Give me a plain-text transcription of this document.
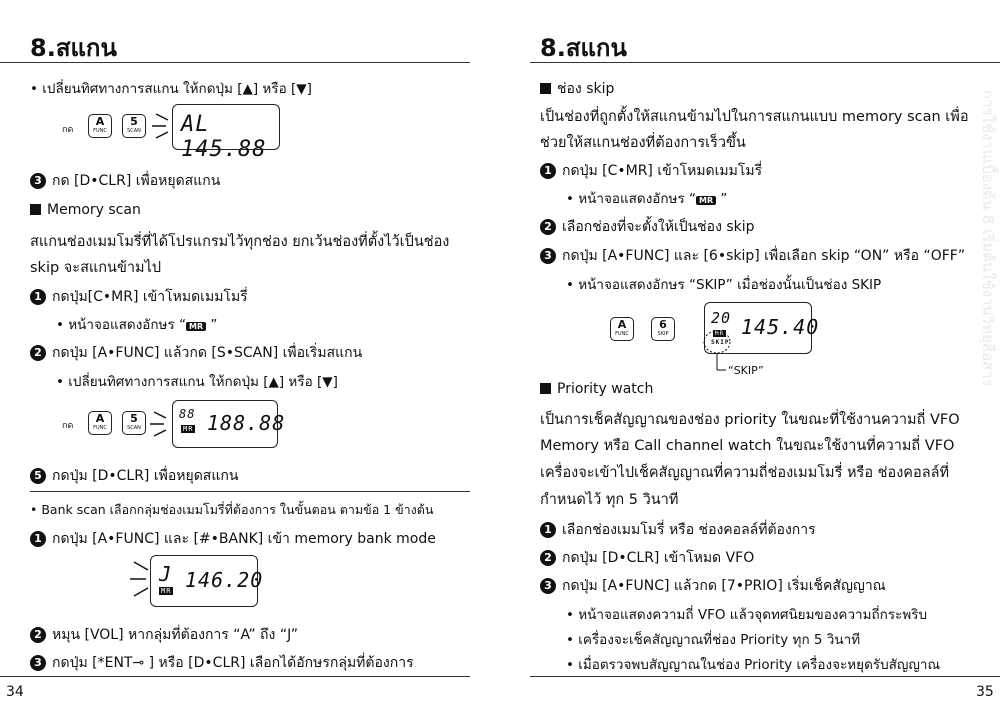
8.สแกน
• เปลี่ยนทิศทางการสแกน ให้กดปุ่ม [▲] หรือ [▼]
กด
A
FUNC
5
SCAN AL 145.88
3 กด [D•CLR] เพื่อหยุดสแกน
Memory scan
สแกนช่องเมมโมรี่ที่ได้โปรแกรมไว้ทุกช่อง ยกเว้นช่องที่ตั้งไว้เป็นช่อง
skip จะสแกนข้ามไป
1 กดปุ่ม[C•MR] เข้าโหมดเมมโมรี่
• หน้าจอแสดงอักษร “ MR ”
2 กดปุ่ม [A•FUNC] แล้วกด [S•SCAN] เพื่อเริ่มสแกน
• เปลี่ยนทิศทางการสแกน ให้กดปุ่ม [▲] หรือ [▼]
กด
A
FUNC
5
SCAN
88
MR 188.88
5 กดปุ่ม [D•CLR] เพื่อหยุดสแกน
• Bank scan เลือกกลุ่มช่องเมมโมรี่ที่ต้องการ ในขั้นตอน ตามข้อ 1 ข้างต้น
1 กดปุ่ม [A•FUNC] และ [#•BANK] เข้า memory bank mode
J
MR 146.20
2 หมุน [VOL] หากลุ่มที่ต้องการ “A” ถึง “J”
3 กดปุ่ม [*ENT⊸ ] หรือ [D•CLR] เลือกได้อักษรกลุ่มที่ต้องการ
34
8.สแกน
ช่อง skip
เป็นช่องที่ถูกตั้งให้สแกนข้ามไปในการสแกนแบบ memory scan เพื่อ
ช่วยให้สแกนช่องที่ต้องการเร็วขึ้น
1 กดปุ่ม [C•MR] เข้าโหมดเมมโมรี่
• หน้าจอแสดงอักษร “ MR ”
2 เลือกช่องที่จะตั้งให้เป็นช่อง skip
3 กดปุ่ม [A•FUNC] และ [6•skip] เพื่อเลือก skip “ON” หรือ “OFF”
• หน้าจอแสดงอักษร “SKIP” เมื่อช่องนั้นเป็นช่อง SKIP
A
FUNC
6
SKIP
20
MR
SKIP
145.40
“SKIP”
Priority watch
เป็นการเช็คสัญญาณของช่อง priority ในขณะที่ใช้งานความถี่ VFO
Memory หรือ Call channel watch ในขณะใช้งานที่ความถี่ VFO
เครื่องจะเข้าไปเช็คสัญญาณที่ความถี่ช่องเมมโมรี่ หรือ ช่องคอลล์ที่
กำหนดไว้ ทุก 5 วินาที
1 เลือกช่องเมมโมรี่ หรือ ช่องคอลล์ที่ต้องการ
2 กดปุ่ม [D•CLR] เข้าโหมด VFO
3 กดปุ่ม [A•FUNC] แล้วกด [7•PRIO] เริ่มเช็คสัญญาณ
• หน้าจอแสดงความถี่ VFO แล้วจุดทศนิยมของความถี่กระพริบ
• เครื่องจะเช็คสัญญาณที่ช่อง Priority ทุก 5 วินาที
• เมื่อตรวจพบสัญญาณในช่อง Priority เครื่องจะหยุดรับสัญญาณ
35
การใช้งานเบื้องต้น 8 เริ่มต้นใช้งานวิทยุสื่อสาร
